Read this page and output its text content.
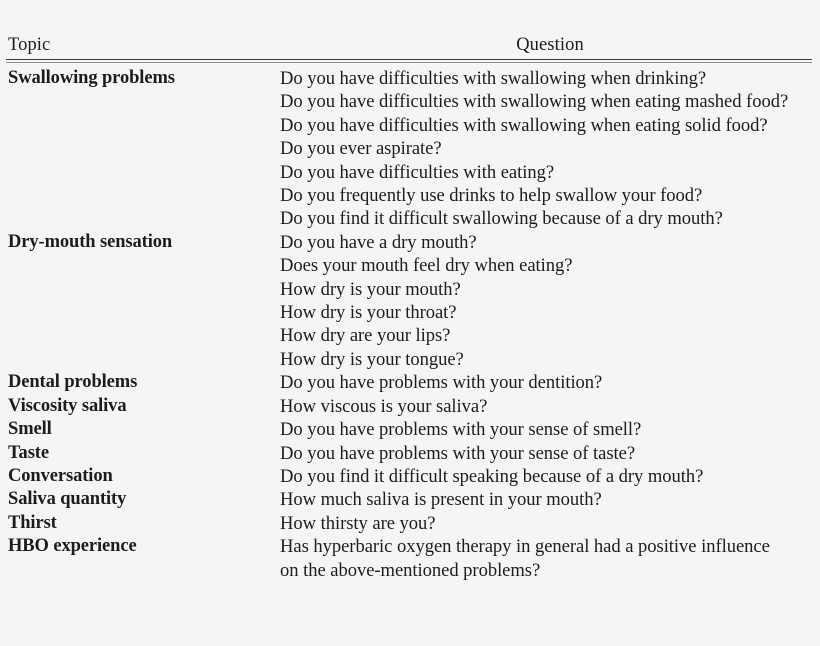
Topic	Question
Swallowing problems	Do you have difficulties with swallowing when drinking?
Do you have difficulties with swallowing when eating mashed food?
Do you have difficulties with swallowing when eating solid food?
Do you ever aspirate?
Do you have difficulties with eating?
Do you frequently use drinks to help swallow your food?
Do you find it difficult swallowing because of a dry mouth?
Dry-mouth sensation	Do you have a dry mouth?
Does your mouth feel dry when eating?
How dry is your mouth?
How dry is your throat?
How dry are your lips?
How dry is your tongue?
Dental problems	Do you have problems with your dentition?
Viscosity saliva	How viscous is your saliva?
Smell	Do you have problems with your sense of smell?
Taste	Do you have problems with your sense of taste?
Conversation	Do you find it difficult speaking because of a dry mouth?
Saliva quantity	How much saliva is present in your mouth?
Thirst	How thirsty are you?
HBO experience	Has hyperbaric oxygen therapy in general had a positive influence on the above-mentioned problems?
